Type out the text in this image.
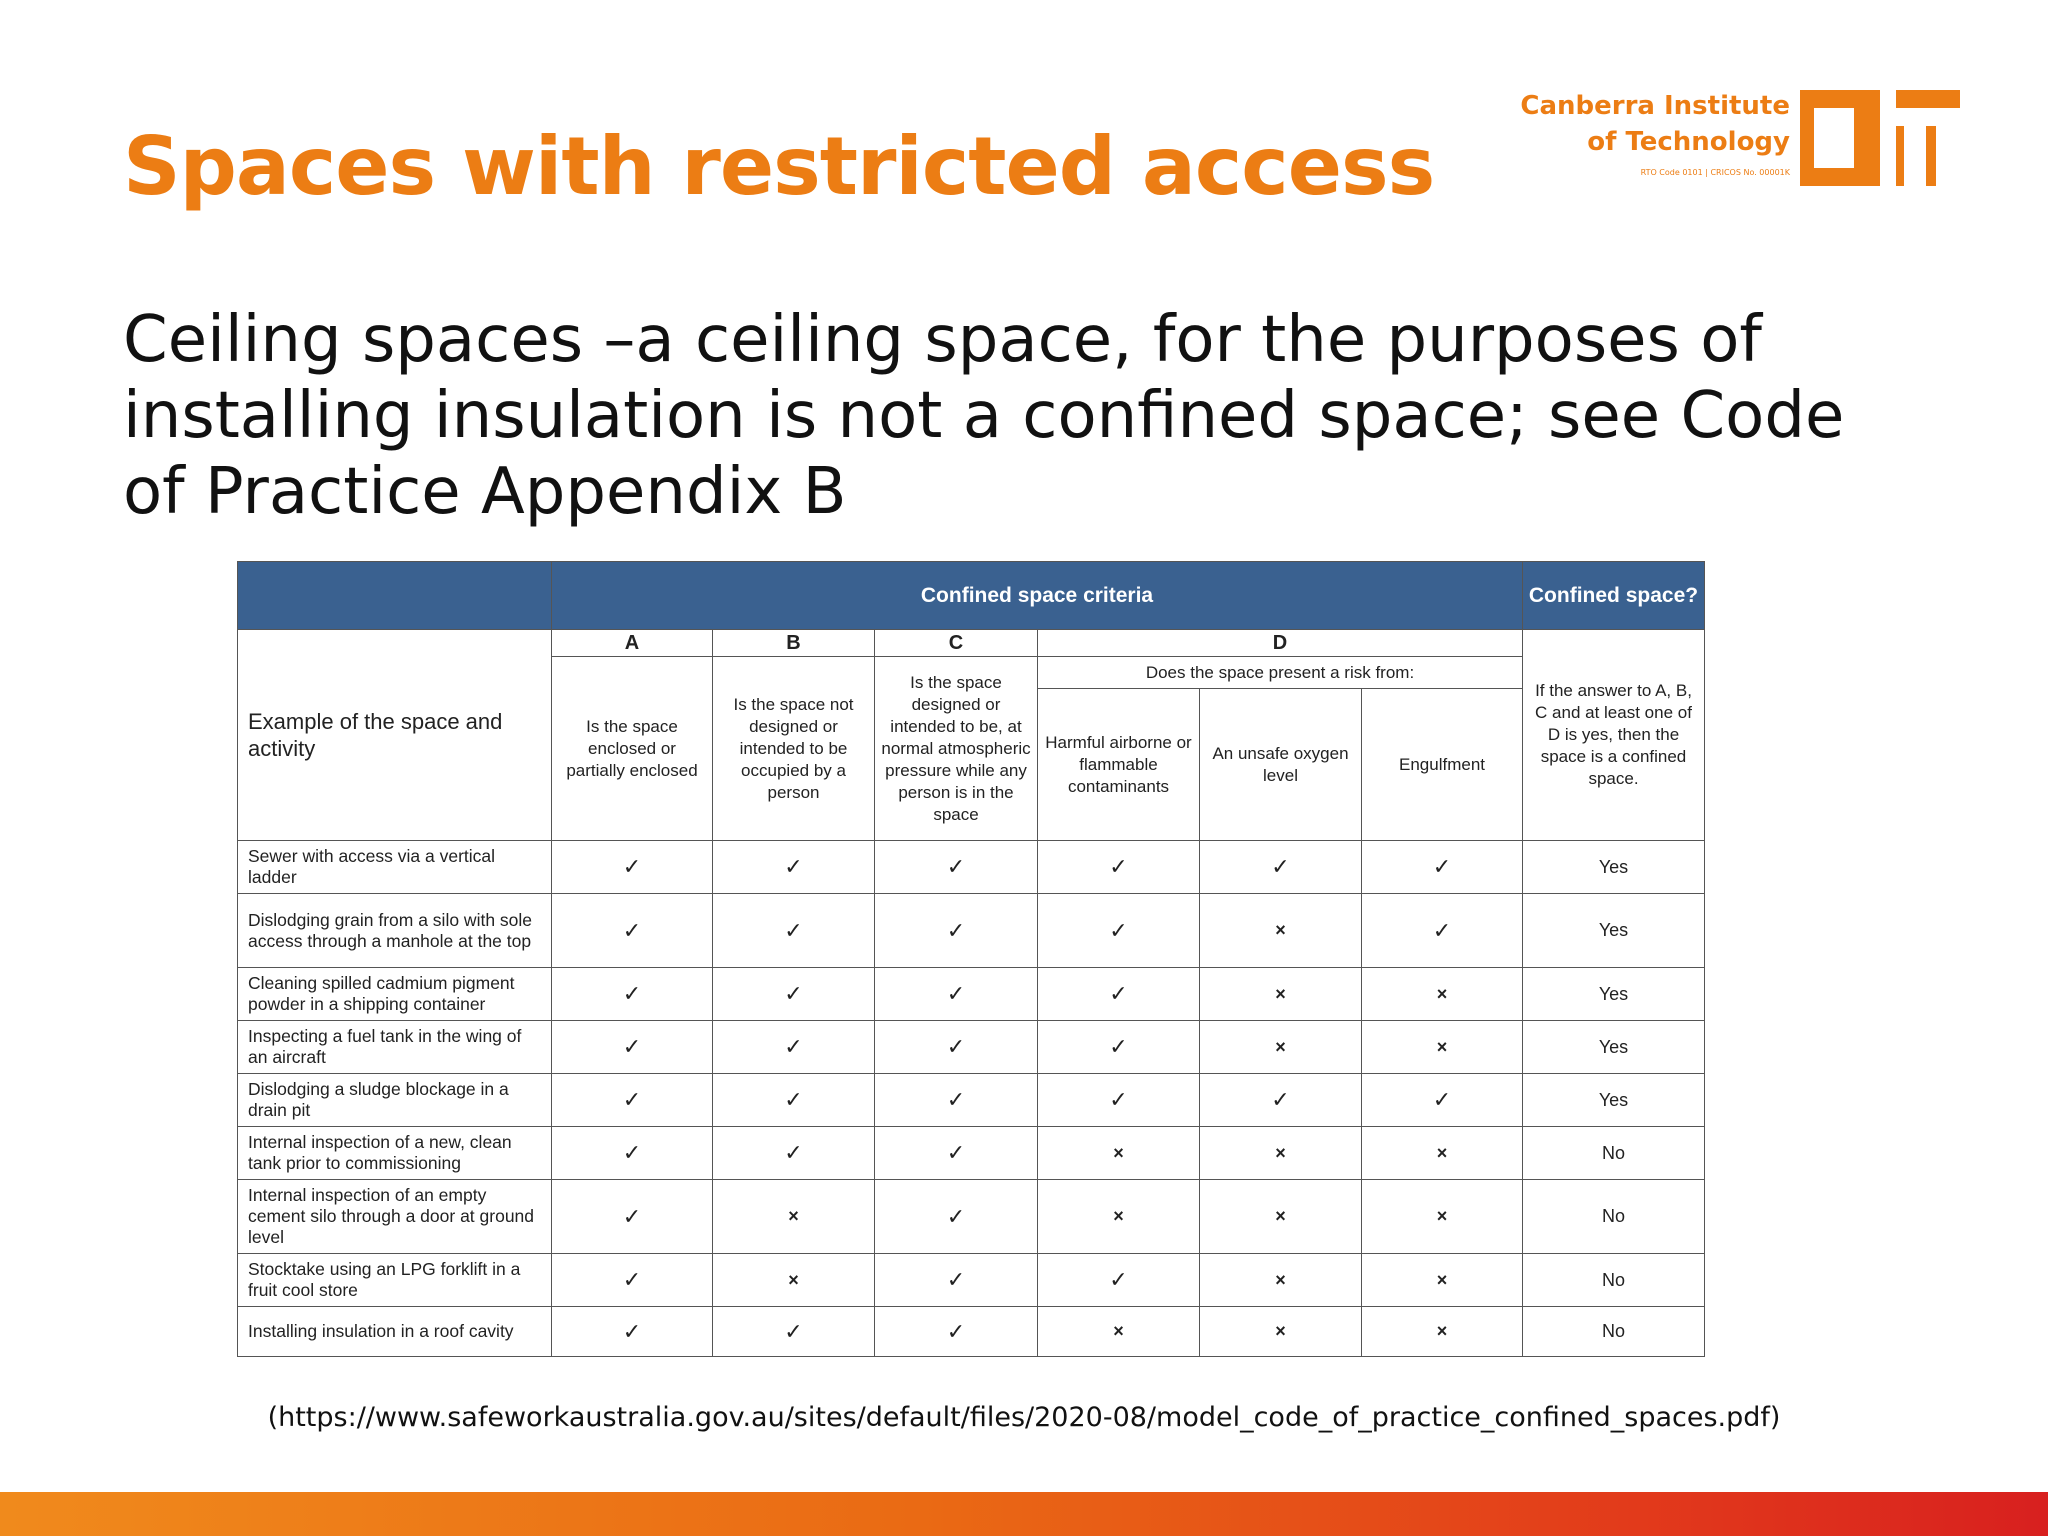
Spaces with restricted access
Canberra Institute
of Technology
RTO Code 0101 | CRICOS No. 00001K

Ceiling spaces –a ceiling space, for the purposes of installing insulation is not a confined space; see Code of Practice Appendix B

	Confined space criteria						Confined space?
Example of the space and activity	A	B	C	D			If the answer to A, B, C and at least one of D is yes, then the space is a confined space.
	Is the space enclosed or partially enclosed	Is the space not designed or intended to be occupied by a person	Is the space designed or intended to be, at normal atmospheric pressure while any person is in the space	Does the space present a risk from:			
				Harmful airborne or flammable contaminants	An unsafe oxygen level	Engulfment	
Sewer with access via a vertical ladder	✓	✓	✓	✓	✓	✓	Yes
Dislodging grain from a silo with sole access through a manhole at the top	✓	✓	✓	✓	×	✓	Yes
Cleaning spilled cadmium pigment powder in a shipping container	✓	✓	✓	✓	×	×	Yes
Inspecting a fuel tank in the wing of an aircraft	✓	✓	✓	✓	×	×	Yes
Dislodging a sludge blockage in a drain pit	✓	✓	✓	✓	✓	✓	Yes
Internal inspection of a new, clean tank prior to commissioning	✓	✓	✓	×	×	×	No
Internal inspection of an empty cement silo through a door at ground level	✓	×	✓	×	×	×	No
Stocktake using an LPG forklift in a fruit cool store	✓	×	✓	✓	×	×	No
Installing insulation in a roof cavity	✓	✓	✓	×	×	×	No
(https://www.safeworkaustralia.gov.au/sites/default/files/2020-08/model_code_of_practice_confined_spaces.pdf)
